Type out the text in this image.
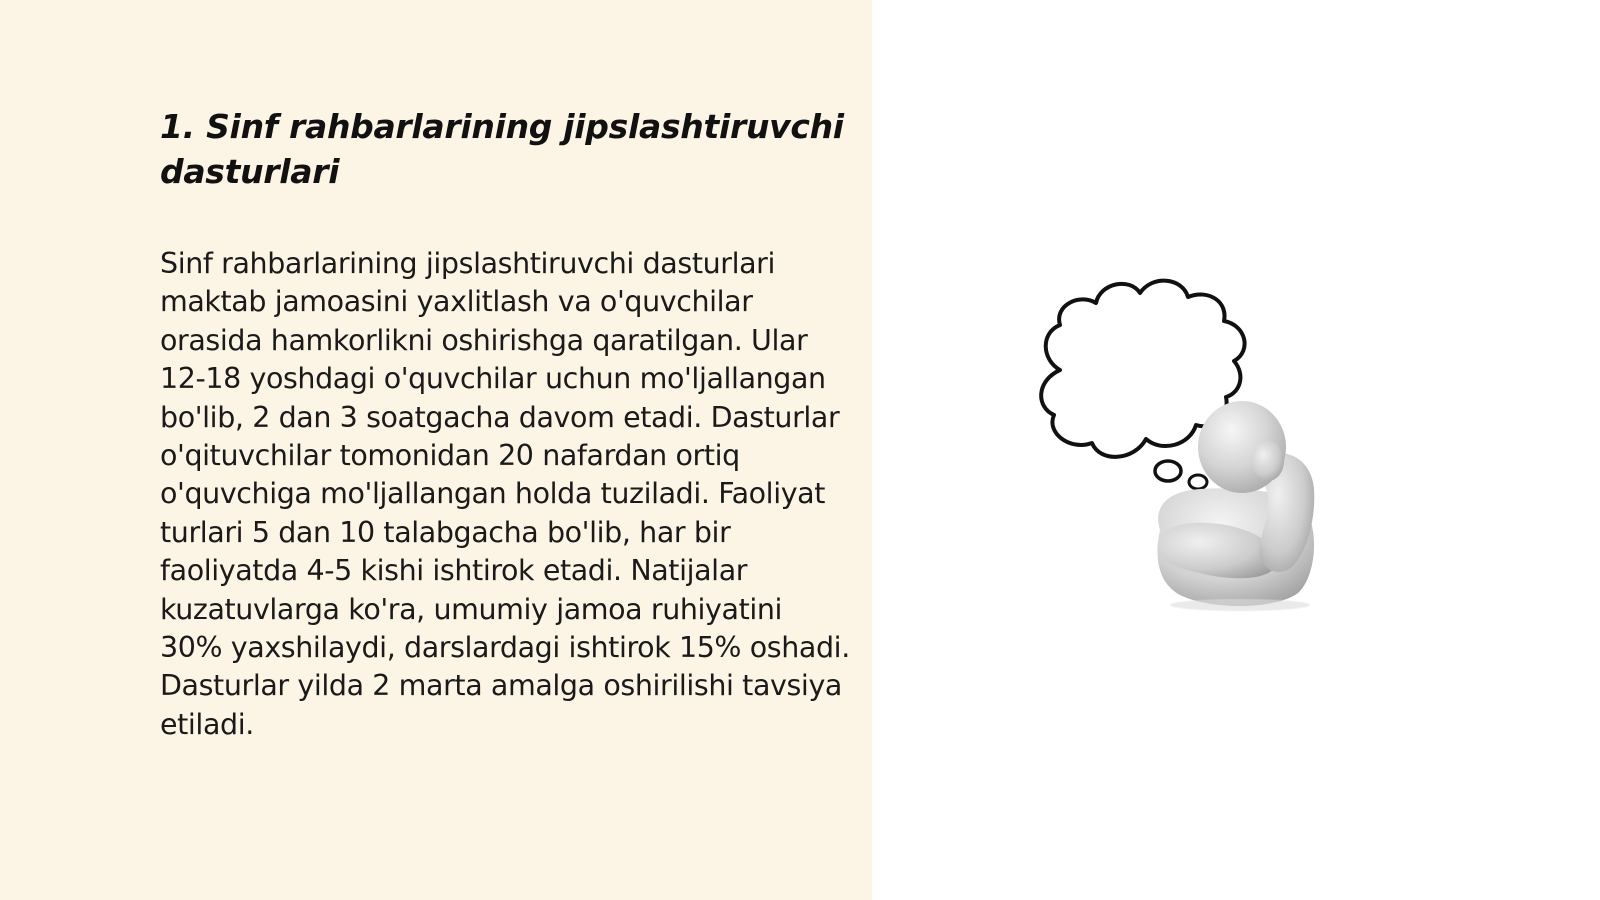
1. Sinf rahbarlarining jipslashtiruvchi dasturlari

Sinf rahbarlarining jipslashtiruvchi dasturlari maktab jamoasini yaxlitlash va o'quvchilar orasida hamkorlikni oshirishga qaratilgan. Ular 12-18 yoshdagi o'quvchilar uchun mo'ljallangan bo'lib, 2 dan 3 soatgacha davom etadi. Dasturlar o'qituvchilar tomonidan 20 nafardan ortiq o'quvchiga mo'ljallangan holda tuziladi. Faoliyat turlari 5 dan 10 talabgacha bo'lib, har bir faoliyatda 4-5 kishi ishtirok etadi. Natijalar kuzatuvlarga ko'ra, umumiy jamoa ruhiyatini 30% yaxshilaydi, darslardagi ishtirok 15% oshadi. Dasturlar yilda 2 marta amalga oshirilishi tavsiya etiladi.
